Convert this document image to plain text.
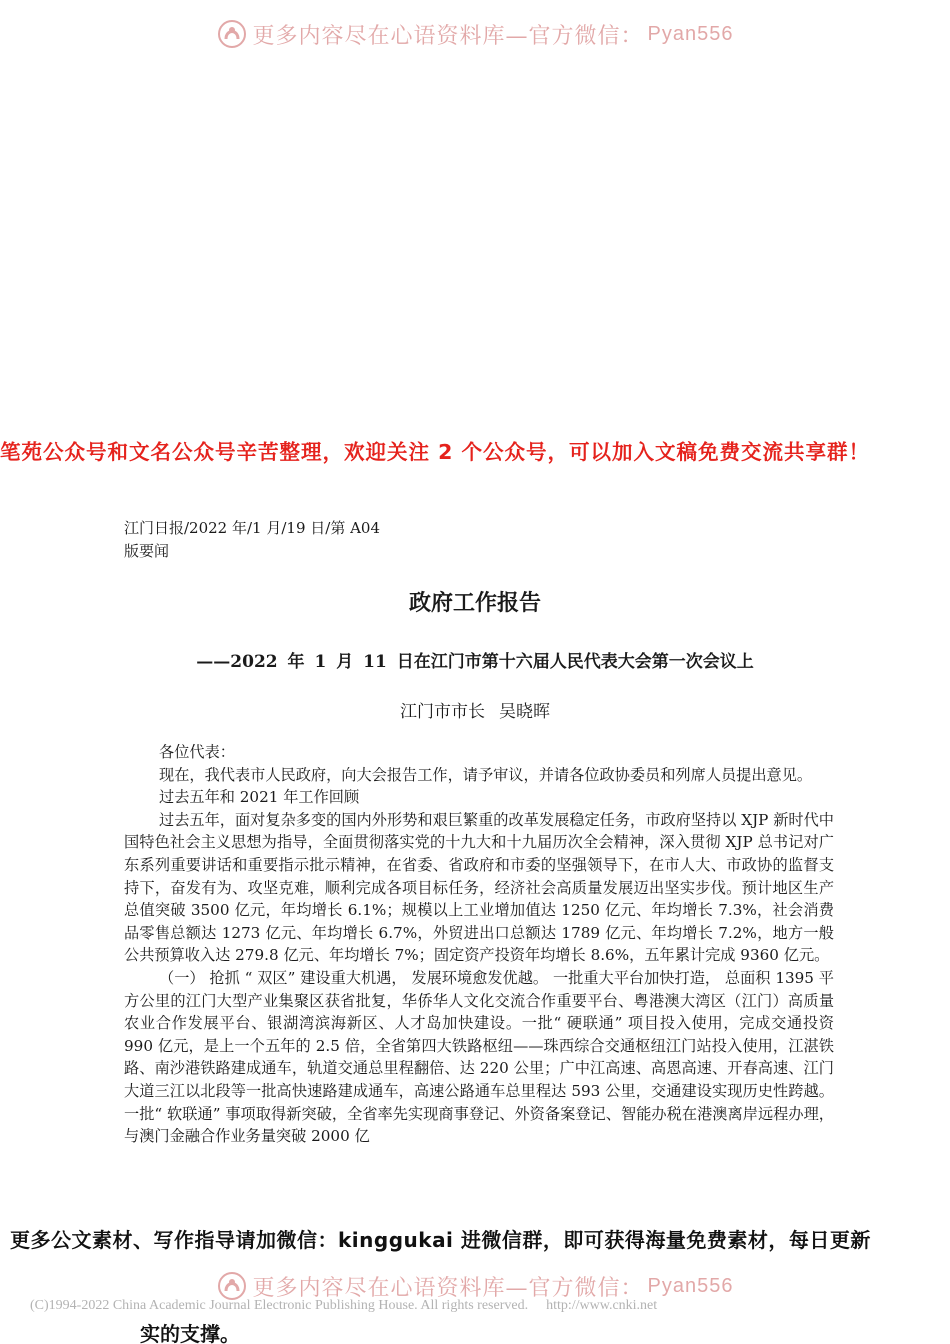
更多内容尽在心语资料库—官方微信： Pyan556
笔苑公众号和文名公众号辛苦整理，欢迎关注 2 个公众号，可以加入文稿免费交流共享群！
江门日报/2022 年/1 月/19 日/第 A04
版要闻
政府工作报告
——2022 年 1 月 11 日在江门市第十六届人民代表大会第一次会议上
江门市市长 吴晓晖

各位代表：

现在，我代表市人民政府，向大会报告工作，请予审议，并请各位政协委员和列席人员提出意见。

过去五年和 2021 年工作回顾

过去五年，面对复杂多变的国内外形势和艰巨繁重的改革发展稳定任务，市政府坚持以 XJP 新时代中国特色社会主义思想为指导，全面贯彻落实党的十九大和十九届历次全会精神，深入贯彻 XJP 总书记对广东系列重要讲话和重要指示批示精神，在省委、省政府和市委的坚强领导下，在市人大、市政协的监督支持下，奋发有为、攻坚克难，顺利完成各项目标任务，经济社会高质量发展迈出坚实步伐。预计地区生产总值突破 3500 亿元，年均增长 6.1%；规模以上工业增加值达 1250 亿元、年均增长 7.3%，社会消费品零售总额达 1273 亿元、年均增长 6.7%，外贸进出口总额达 1789 亿元、年均增长 7.2%，地方一般公共预算收入达 279.8 亿元、年均增长 7%；固定资产投资年均增长 8.6%，五年累计完成 9360 亿元。

（一） 抢抓 “ 双区” 建设重大机遇， 发展环境愈发优越。 一批重大平台加快打造， 总面积 1395 平方公里的江门大型产业集聚区获省批复，华侨华人文化交流合作重要平台、粤港澳大湾区（江门）高质量农业合作发展平台、银湖湾滨海新区、人才岛加快建设。一批“ 硬联通” 项目投入使用，完成交通投资 990 亿元，是上一个五年的 2.5 倍，全省第四大铁路枢纽——珠西综合交通枢纽江门站投入使用，江湛铁路、南沙港铁路建成通车，轨道交通总里程翻倍、达 220 公里；广中江高速、高恩高速、开春高速、江门大道三江以北段等一批高快速路建成通车，高速公路通车总里程达 593 公里，交通建设实现历史性跨越。一批“ 软联通” 事项取得新突破，全省率先实现商事登记、外资备案登记、智能办税在港澳离岸远程办理，与澳门金融合作业务量突破 2000 亿

更多公文素材、写作指导请加微信：kinggukai 进微信群，即可获得海量免费素材，每日更新
更多内容尽在心语资料库—官方微信： Pyan556
(C)1994-2022 China Academic Journal Electronic Publishing House. All rights reserved. http://www.cnki.net
实的支撑。
